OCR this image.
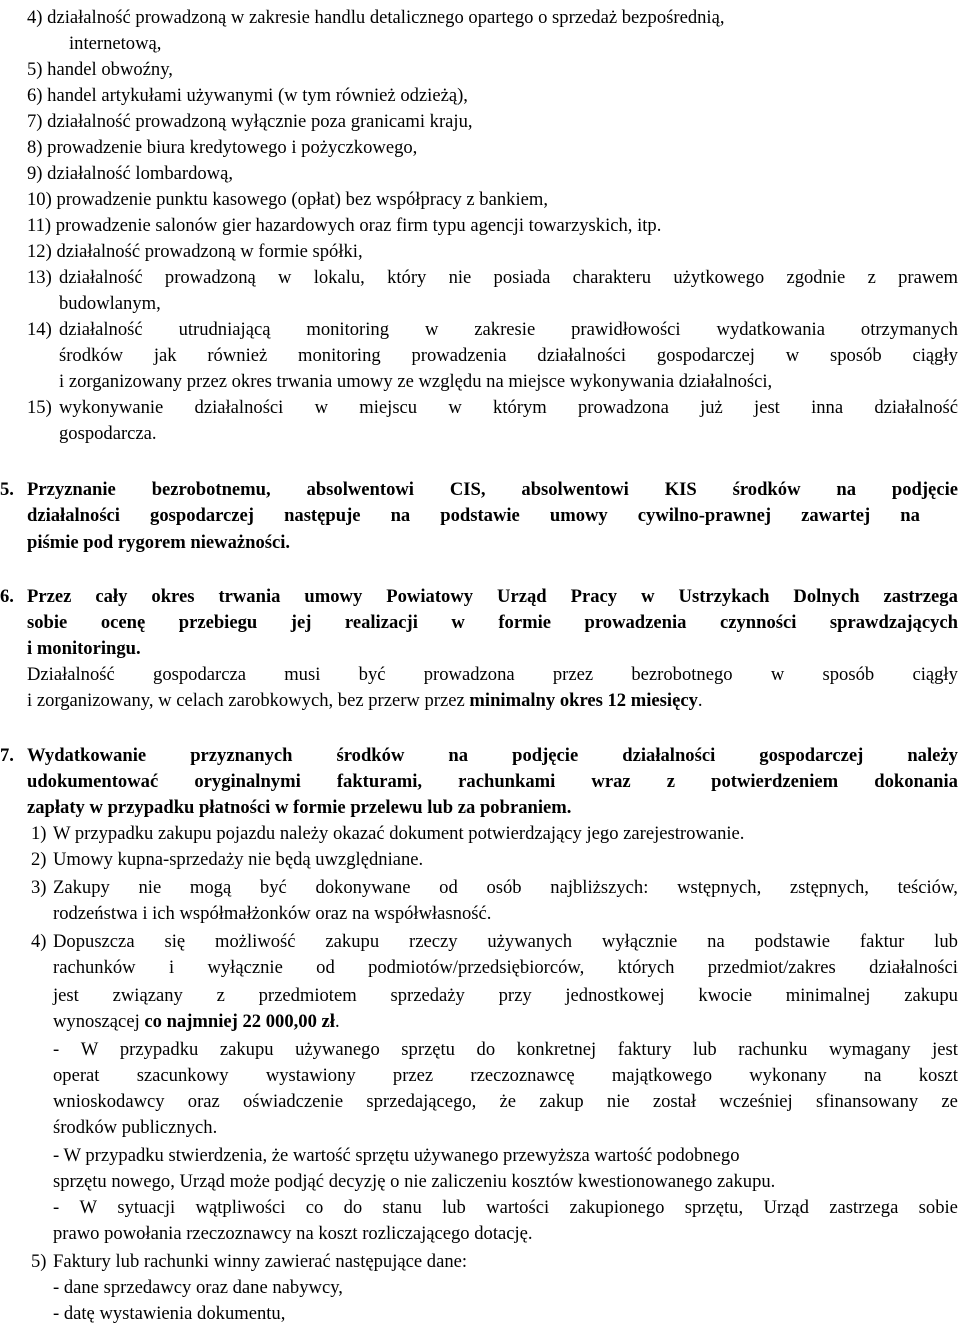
4) działalność prowadzoną w zakresie handlu detalicznego opartego o sprzedaż bezpośrednią,
internetową,
5) handel obwoźny,
6) handel artykułami używanymi (w tym również odzieżą),
7) działalność prowadzoną wyłącznie poza granicami kraju,
8) prowadzenie biura kredytowego i pożyczkowego,
9) działalność lombardową,
10) prowadzenie punktu kasowego (opłat) bez współpracy z bankiem,
11) prowadzenie salonów gier hazardowych oraz firm typu agencji towarzyskich, itp.
12) działalność prowadzoną w formie spółki,
13) działalność prowadzoną w lokalu, który nie posiada charakteru użytkowego zgodnie z prawem
budowlanym,
14) działalność utrudniającą monitoring w zakresie prawidłowości wydatkowania otrzymanych
środków jak również monitoring prowadzenia działalności gospodarczej w sposób ciągły
i zorganizowany przez okres trwania umowy ze względu na miejsce wykonywania działalności,
15) wykonywanie działalności w miejscu w którym prowadzona już jest inna działalność
gospodarcza.
5. Przyznanie bezrobotnemu, absolwentowi CIS, absolwentowi KIS środków na podjęcie
działalności gospodarczej następuje na podstawie umowy cywilno-prawnej zawartej na
piśmie pod rygorem nieważności.
6. Przez cały okres trwania umowy Powiatowy Urząd Pracy w Ustrzykach Dolnych zastrzega
sobie ocenę przebiegu jej realizacji w formie prowadzenia czynności sprawdzających
i monitoringu.
Działalność gospodarcza musi być prowadzona przez bezrobotnego w sposób ciągły
i zorganizowany, w celach zarobkowych, bez przerw przez minimalny okres 12 miesięcy.
7. Wydatkowanie przyznanych środków na podjęcie działalności gospodarczej należy
udokumentować oryginalnymi fakturami, rachunkami wraz z potwierdzeniem dokonania
zapłaty w przypadku płatności w formie przelewu lub za pobraniem.
1) W przypadku zakupu pojazdu należy okazać dokument potwierdzający jego zarejestrowanie.
2) Umowy kupna-sprzedaży nie będą uwzględniane.
3) Zakupy nie mogą być dokonywane od osób najbliższych: wstępnych, zstępnych, teściów,
rodzeństwa i ich współmałżonków oraz na współwłasność.
4) Dopuszcza się możliwość zakupu rzeczy używanych wyłącznie na podstawie faktur lub
rachunków i wyłącznie od podmiotów/przedsiębiorców, których przedmiot/zakres działalności
jest związany z przedmiotem sprzedaży przy jednostkowej kwocie minimalnej zakupu
wynoszącej co najmniej 22 000,00 zł.
- W przypadku zakupu używanego sprzętu do konkretnej faktury lub rachunku wymagany jest
operat szacunkowy wystawiony przez rzeczoznawcę majątkowego wykonany na koszt
wnioskodawcy oraz oświadczenie sprzedającego, że zakup nie został wcześniej sfinansowany ze
środków publicznych.
- W przypadku stwierdzenia, że wartość sprzętu używanego przewyższa wartość podobnego
sprzętu nowego, Urząd może podjąć decyzję o nie zaliczeniu kosztów kwestionowanego zakupu.
- W sytuacji wątpliwości co do stanu lub wartości zakupionego sprzętu, Urząd zastrzega sobie
prawo powołania rzeczoznawcy na koszt rozliczającego dotację.
5) Faktury lub rachunki winny zawierać następujące dane:
- dane sprzedawcy oraz dane nabywcy,
- datę wystawienia dokumentu,
